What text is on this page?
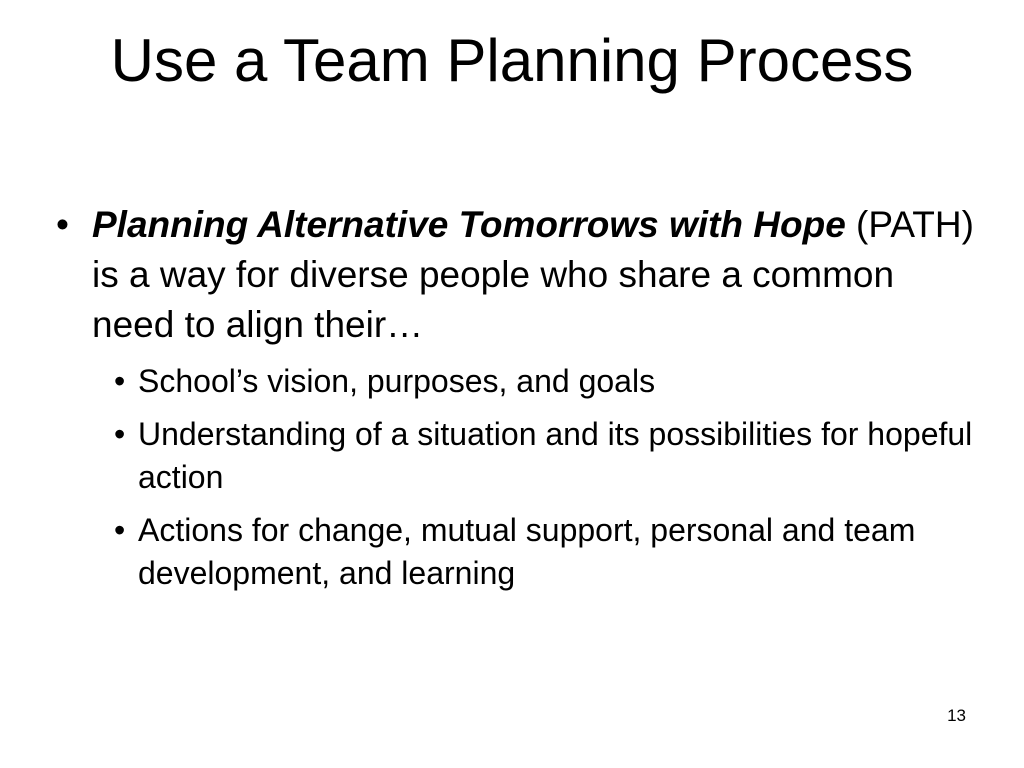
Use a Team Planning Process
• Planning Alternative Tomorrows with Hope (PATH) is a way for diverse people who share a common need to align their…
• School’s vision, purposes, and goals
• Understanding of a situation and its possibilities for hopeful action
• Actions for change, mutual support, personal and team development, and learning
13
